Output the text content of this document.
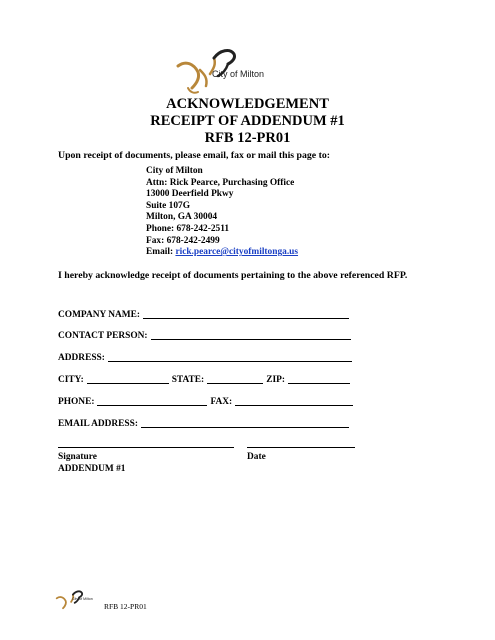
City of Milton
ACKNOWLEDGEMENT
RECEIPT OF ADDENDUM #1
RFB 12-PR01
Upon receipt of documents, please email, fax or mail this page to:
City of Milton
Attn: Rick Pearce, Purchasing Office
13000 Deerfield Pkwy
Suite 107G
Milton, GA 30004
Phone: 678-242-2511
Fax: 678-242-2499
Email: rick.pearce@cityofmiltonga.us
I hereby acknowledge receipt of documents pertaining to the above referenced RFP.
COMPANY NAME:
CONTACT PERSON:
ADDRESS:
CITY:	STATE:	ZIP:
PHONE:	FAX:
EMAIL ADDRESS:
Signature	Date
ADDENDUM #1
City of Milton
RFB 12-PR01
